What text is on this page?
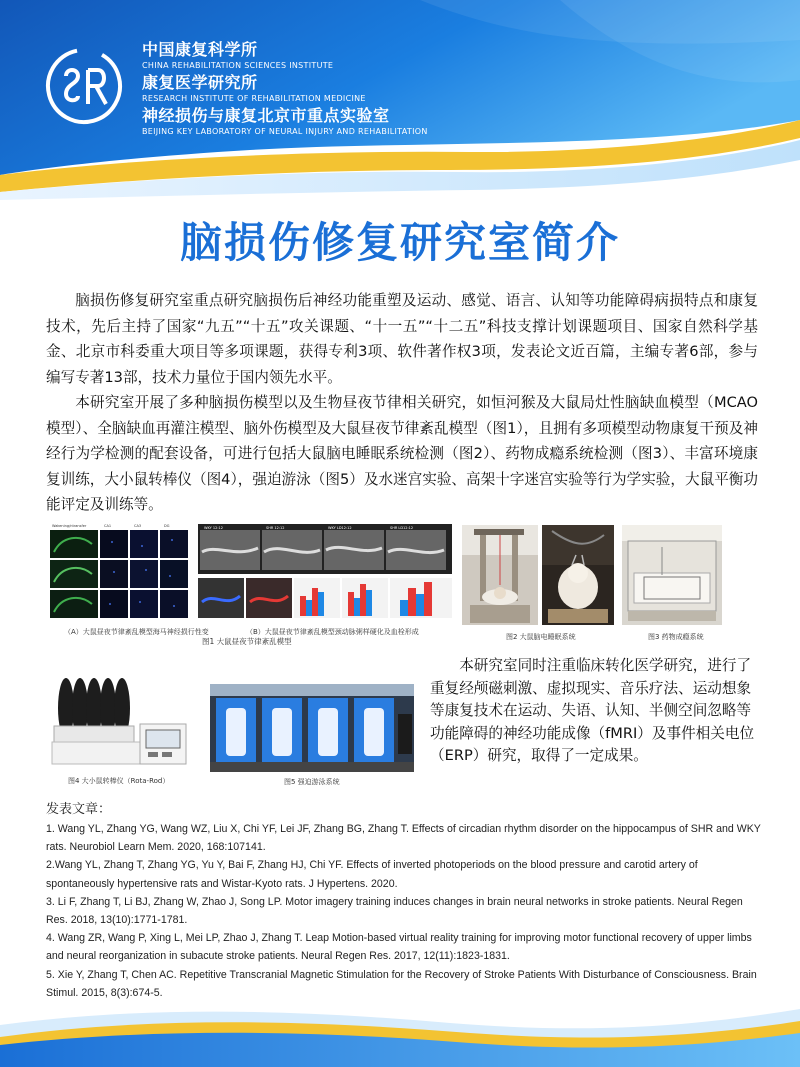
中国康复科学所
CHINA REHABILITATION SCIENCES INSTITUTE
康复医学研究所
RESEARCH INSTITUTE OF REHABILITATION MEDICINE
神经损伤与康复北京市重点实验室
BEIJING KEY LABORATORY OF NEURAL INJURY AND REHABILITATION
脑损伤修复研究室简介

脑损伤修复研究室重点研究脑损伤后神经功能重塑及运动、感觉、语言、认知等功能障碍病损特点和康复技术，先后主持了国家“九五”“十五”攻关课题、“十一五”“十二五”科技支撑计划课题项目、国家自然科学基金、北京市科委重大项目等多项课题，获得专利3项、软件著作权3项，发表论文近百篇，主编专著6部，参与编写专著13部，技术力量位于国内领先水平。

本研究室开展了多种脑损伤模型以及生物昼夜节律相关研究，如恒河猴及大鼠局灶性脑缺血模型（MCAO模型）、全脑缺血再灌注模型、脑外伤模型及大鼠昼夜节律紊乱模型（图1），且拥有多项模型动物康复干预及神经行为学检测的配套设备，可进行包括大鼠脑电睡眠系统检测（图2）、药物成瘾系统检测（图3）、丰富环境康复训练，大小鼠转棒仪（图4），强迫游泳（图5）及水迷宫实验、高架十字迷宫实验等行为学实验，大鼠平衡功能评定及训练等。

Wakening/ntransfer	CA1	CA3	DG
（A）大鼠昼夜节律紊乱模型海马神经损行性变
WKY 12:12	SHR 12:12	WKY LD12:12	SHR LD12:12
（B）大鼠昼夜节律紊乱模型颈动脉粥样硬化及血栓形成
图1 大鼠昼夜节律紊乱模型	图2 大鼠脑电睡眠系统	图3 药物成瘾系统
图4 大小鼠转棒仪（Rota-Rod）	图5 强迫游泳系统

本研究室同时注重临床转化医学研究，进行了重复经颅磁刺激、虚拟现实、音乐疗法、运动想象等康复技术在运动、失语、认知、半侧空间忽略等功能障碍的神经功能成像（fMRI）及事件相关电位（ERP）研究，取得了一定成果。

发表文章：

1. Wang YL, Zhang YG, Wang WZ, Liu X, Chi YF, Lei JF, Zhang BG, Zhang T. Effects of circadian rhythm disorder on the hippocampus of SHR and WKY rats. Neurobiol Learn Mem. 2020, 168:107141.

2.Wang YL, Zhang T, Zhang YG, Yu Y, Bai F, Zhang HJ, Chi YF. Effects of inverted photoperiods on the blood pressure and carotid artery of spontaneously hypertensive rats and Wistar-Kyoto rats. J Hypertens. 2020.

3. Li F, Zhang T, Li BJ, Zhang W, Zhao J, Song LP. Motor imagery training induces changes in brain neural networks in stroke patients. Neural Regen Res. 2018, 13(10):1771-1781.

4. Wang ZR, Wang P, Xing L, Mei LP, Zhao J, Zhang T. Leap Motion-based virtual reality training for improving motor functional recovery of upper limbs and neural reorganization in subacute stroke patients. Neural Regen Res. 2017, 12(11):1823-1831.

5. Xie Y, Zhang T, Chen AC. Repetitive Transcranial Magnetic Stimulation for the Recovery of Stroke Patients With Disturbance of Consciousness. Brain Stimul. 2015, 8(3):674-5.
